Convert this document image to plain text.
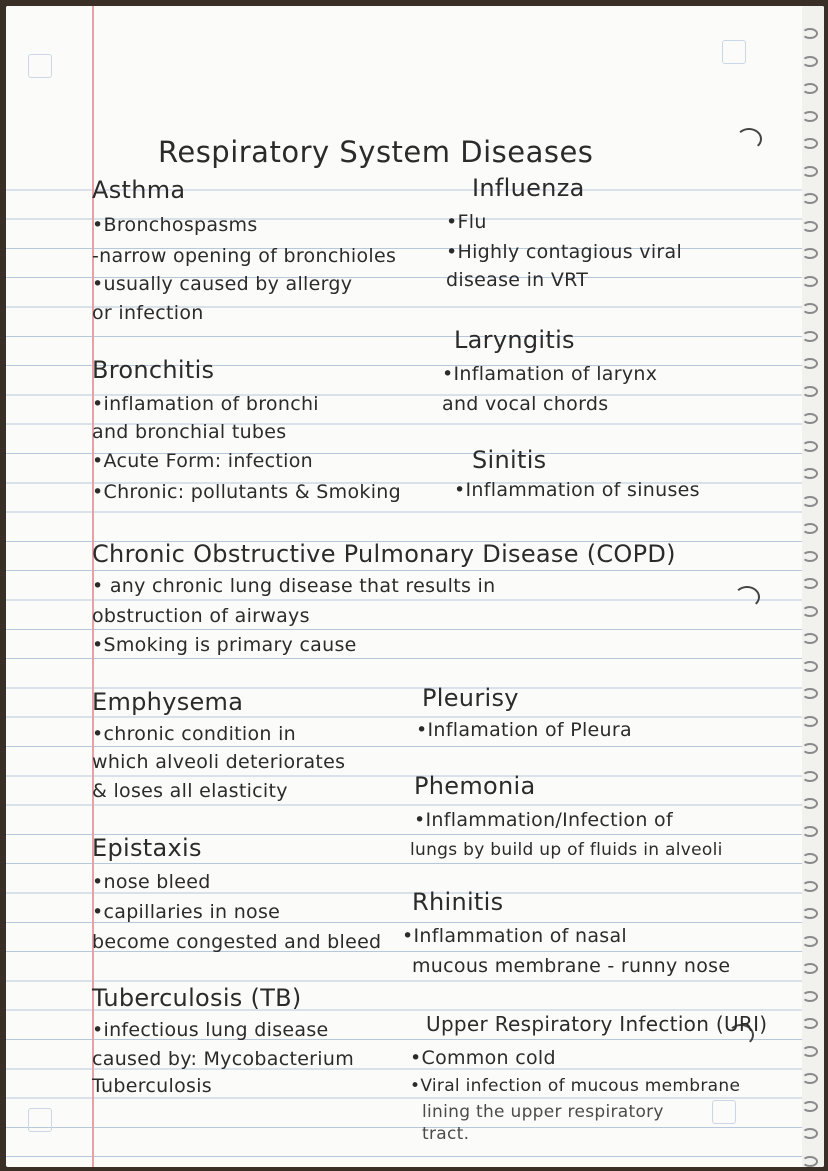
Respiratory System Diseases
Asthma
•Bronchospasms
-narrow opening of bronchioles
•usually caused by allergy
or infection
Bronchitis
•inflamation of bronchi
and bronchial tubes
•Acute Form: infection
•Chronic: pollutants & Smoking
Influenza
•Flu
•Highly contagious viral
disease in VRT
Laryngitis
•Inflamation of larynx
and vocal chords
Sinitis
•Inflammation of sinuses
Chronic Obstructive Pulmonary Disease (COPD)
• any chronic lung disease that results in
obstruction of airways
•Smoking is primary cause
Emphysema
•chronic condition in
which alveoli deteriorates
& loses all elasticity
Pleurisy
•Inflamation of Pleura
Phemonia
•Inflammation/Infection of
lungs by build up of fluids in alveoli
Epistaxis
•nose bleed
•capillaries in nose
become congested and bleed
Rhinitis
•Inflammation of nasal
mucous membrane - runny nose
Tuberculosis (TB)
•infectious lung disease
caused by: Mycobacterium
Tuberculosis
Upper Respiratory Infection (URI)
•Common cold
•Viral infection of mucous membrane
lining the upper respiratory
tract.
